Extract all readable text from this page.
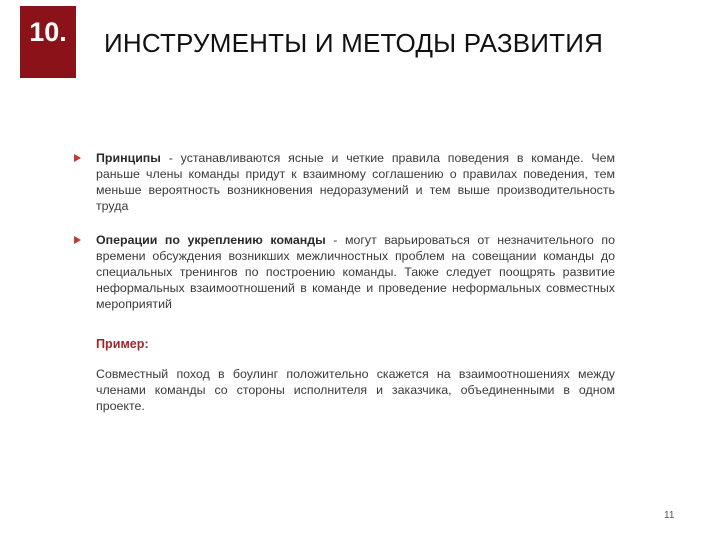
10. ИНСТРУМЕНТЫ И МЕТОДЫ РАЗВИТИЯ
Принципы - устанавливаются ясные и четкие правила поведения в команде. Чем раньше члены команды придут к взаимному соглашению о правилах поведения, тем меньше вероятность возникновения недоразумений и тем выше производительность труда
Операции по укреплению команды - могут варьироваться от незначительного по времени обсуждения возникших межличностных проблем на совещании команды до специальных тренингов по построению команды. Также следует поощрять развитие неформальных взаимоотношений в команде и проведение неформальных совместных мероприятий
Пример:
Совместный поход в боулинг положительно скажется на взаимоотношениях между членами команды со стороны исполнителя и заказчика, объединенными в одном проекте.
11
